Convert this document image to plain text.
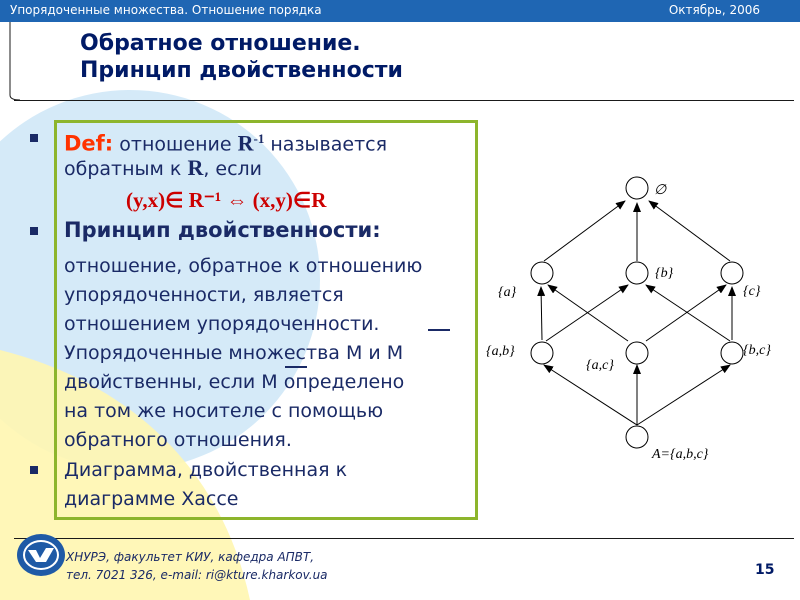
Упорядоченные множества. Отношение порядка	Октябрь, 2006
Обратное отношение.
Принцип двойственности
Def: отношение $R^{-1}$ называется
обратным к R, если
(y,x)∈ R⁻¹ ⇔ (x,y)∈R
Принцип двойственности:
отношение, обратное к отношению
упорядоченности, является
отношением упорядоченности.
Упорядоченные множества M и M
двойственны, если M определено
на том же носителе с помощью
обратного отношения.
Диаграмма, двойственная к
диаграмме Хассе
∅
{a}
{b}
{c}
{a,b}
{a,c}
{b,c}
A={a,b,c}
ХНУРЭ, факультет КИУ, кафедра АПВТ,
тел. 7021 326, e-mail: ri@kture.kharkov.ua	15
